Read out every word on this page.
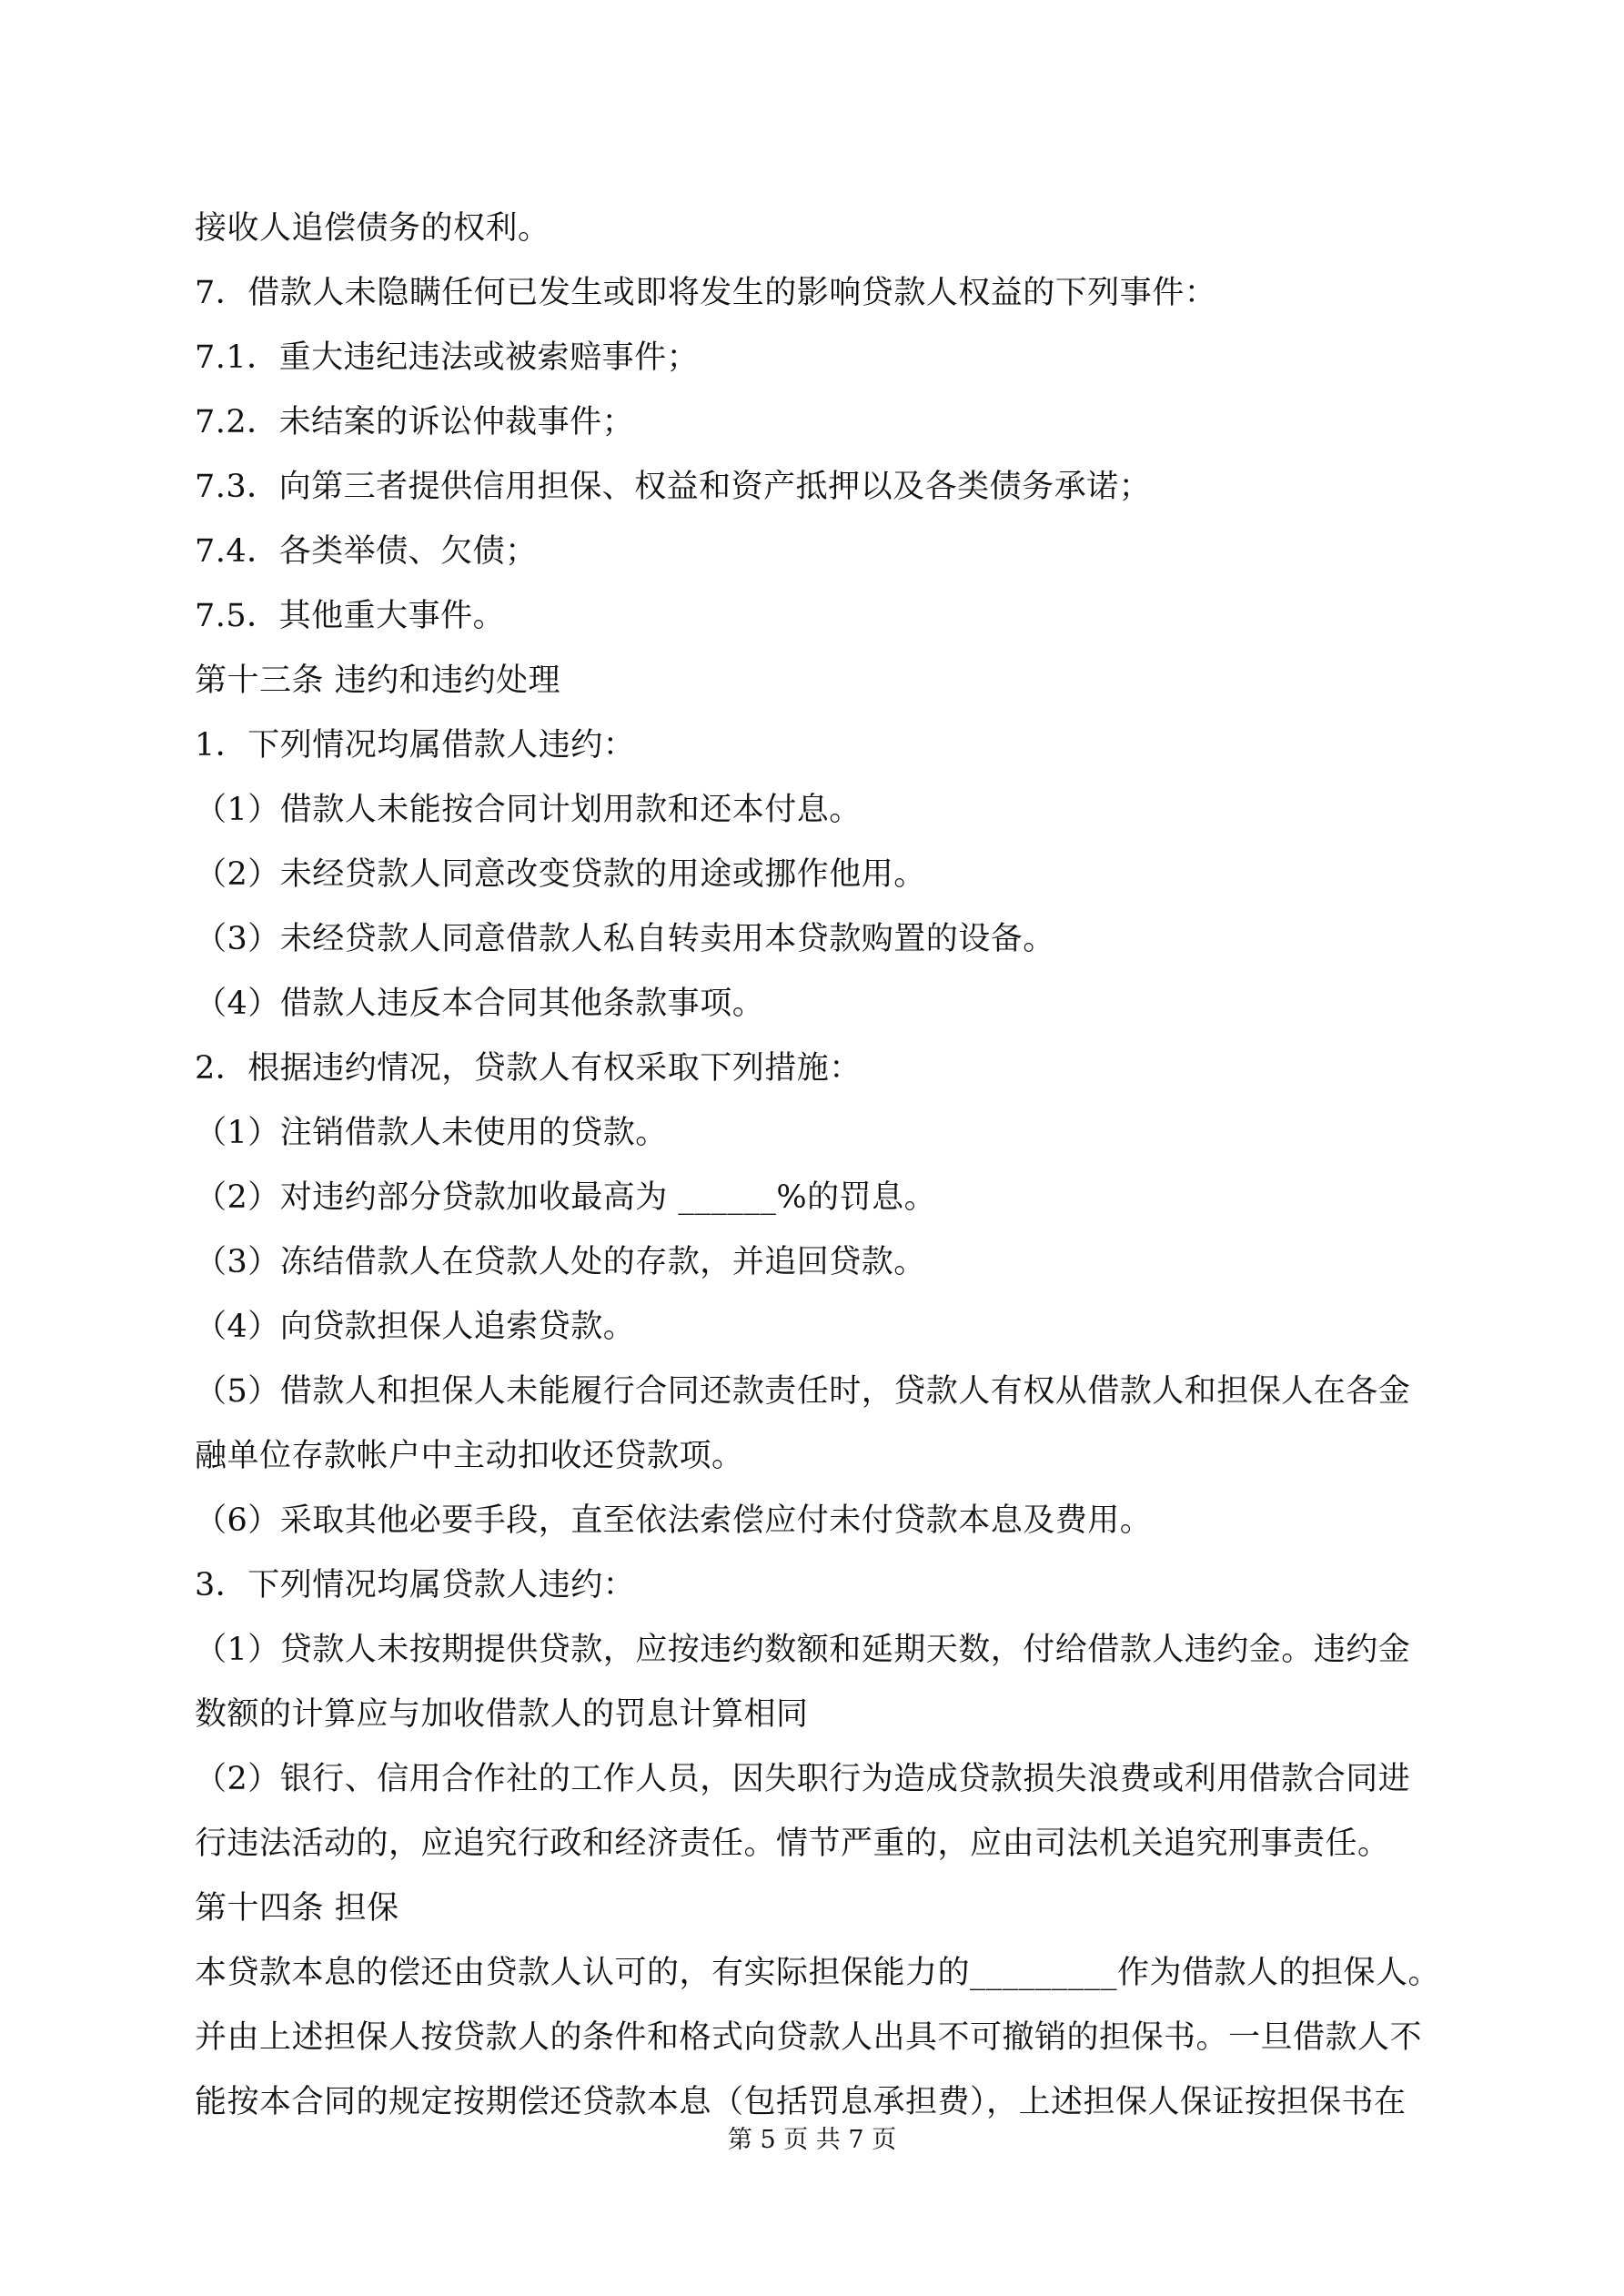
接收人追偿债务的权利。
7．借款人未隐瞒任何已发生或即将发生的影响贷款人权益的下列事件：
7.1．重大违纪违法或被索赔事件；
7.2．未结案的诉讼仲裁事件；
7.3．向第三者提供信用担保、权益和资产抵押以及各类债务承诺；
7.4．各类举债、欠债；
7.5．其他重大事件。
第十三条 违约和违约处理
1．下列情况均属借款人违约：
（1）借款人未能按合同计划用款和还本付息。
（2）未经贷款人同意改变贷款的用途或挪作他用。
（3）未经贷款人同意借款人私自转卖用本贷款购置的设备。
（4）借款人违反本合同其他条款事项。
2．根据违约情况，贷款人有权采取下列措施：
（1）注销借款人未使用的贷款。
（2）对违约部分贷款加收最高为 ______%的罚息。
（3）冻结借款人在贷款人处的存款，并追回贷款。
（4）向贷款担保人追索贷款。
（5）借款人和担保人未能履行合同还款责任时，贷款人有权从借款人和担保人在各金
融单位存款帐户中主动扣收还贷款项。
（6）采取其他必要手段，直至依法索偿应付未付贷款本息及费用。
3．下列情况均属贷款人违约：
（1）贷款人未按期提供贷款，应按违约数额和延期天数，付给借款人违约金。违约金
数额的计算应与加收借款人的罚息计算相同
（2）银行、信用合作社的工作人员，因失职行为造成贷款损失浪费或利用借款合同进
行违法活动的，应追究行政和经济责任。情节严重的，应由司法机关追究刑事责任。
第十四条 担保
本贷款本息的偿还由贷款人认可的，有实际担保能力的_________作为借款人的担保人。
并由上述担保人按贷款人的条件和格式向贷款人出具不可撤销的担保书。一旦借款人不
能按本合同的规定按期偿还贷款本息（包括罚息承担费），上述担保人保证按担保书在
第 5 页 共 7 页
